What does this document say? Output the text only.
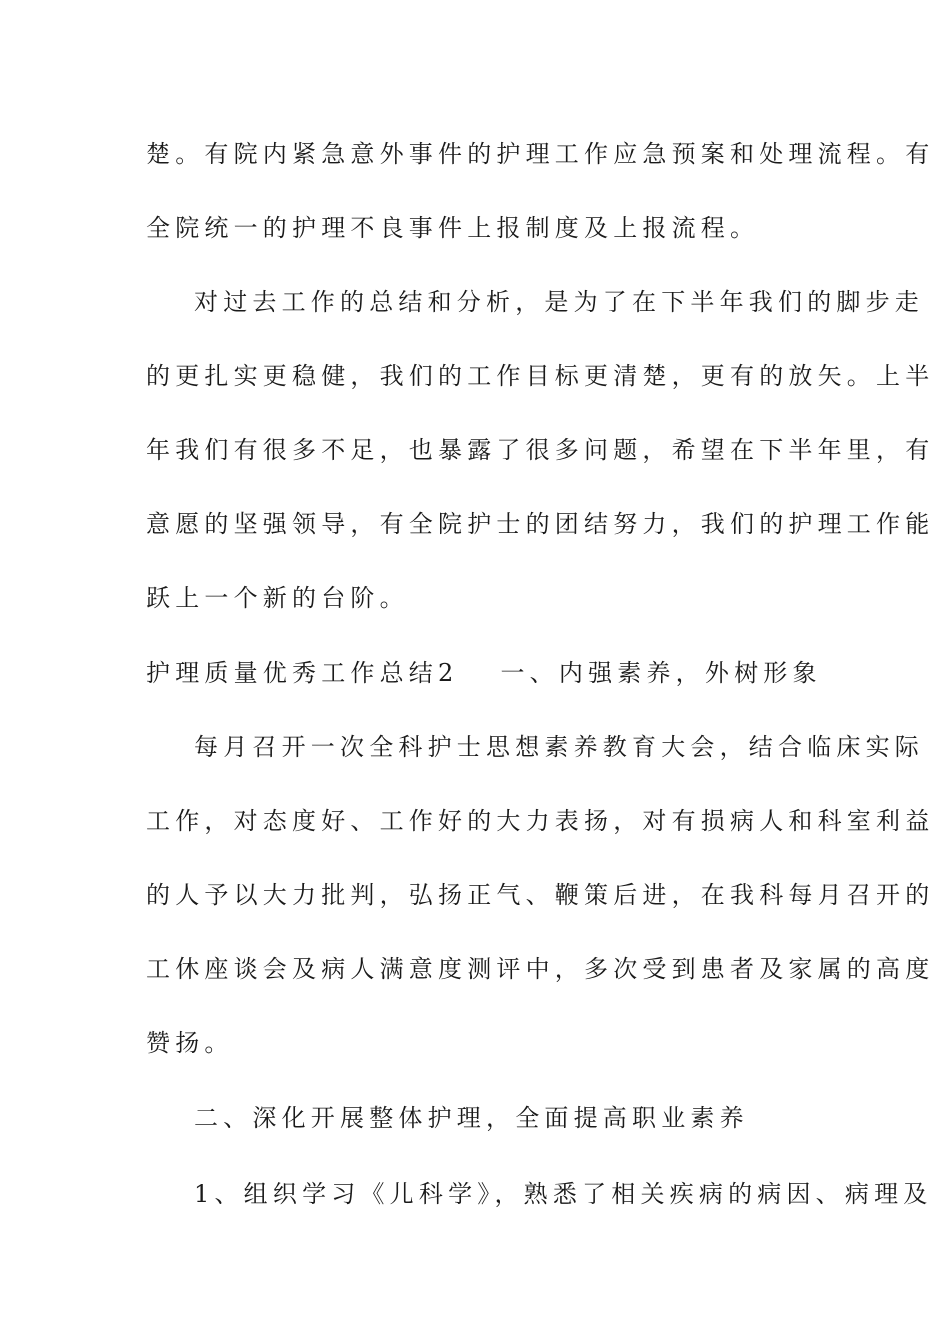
楚。有院内紧急意外事件的护理工作应急预案和处理流程。有

全院统一的护理不良事件上报制度及上报流程。

对过去工作的总结和分析，是为了在下半年我们的脚步走

的更扎实更稳健，我们的工作目标更清楚，更有的放矢。上半

年我们有很多不足，也暴露了很多问题，希望在下半年里，有

意愿的坚强领导，有全院护士的团结努力，我们的护理工作能

跃上一个新的台阶。

护理质量优秀工作总结2 一、内强素养，外树形象

每月召开一次全科护士思想素养教育大会，结合临床实际

工作，对态度好、工作好的大力表扬，对有损病人和科室利益

的人予以大力批判，弘扬正气、鞭策后进，在我科每月召开的

工休座谈会及病人满意度测评中，多次受到患者及家属的高度

赞扬。

二、深化开展整体护理，全面提高职业素养

1、组织学习《儿科学》，熟悉了相关疾病的病因、病理及
